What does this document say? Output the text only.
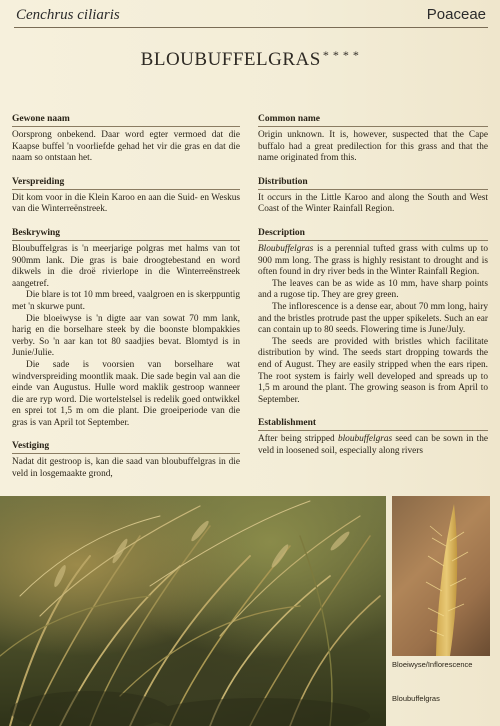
Cenchrus ciliaris	Poaceae
BLOUBUFFELGRAS * * * *
Gewone naam

Oorsprong onbekend. Daar word egter vermoed dat die Kaapse buffel 'n voorliefde gehad het vir die gras en dat die naam so ontstaan het.

Verspreiding

Dit kom voor in die Klein Karoo en aan die Suid- en Weskus van die Winterreënstreek.

Beskrywing

Bloubuffelgras is 'n meerjarige polgras met halms van tot 900mm lank. Die gras is baie droogtebestand en word dikwels in die droë rivierlope in die Winterreënstreek aangetref.

Die blare is tot 10 mm breed, vaalgroen en is skerppuntig met 'n skurwe punt.

Die bloeiwyse is 'n digte aar van sowat 70 mm lank, harig en die borselhare steek by die boonste blompakkies verby. So 'n aar kan tot 80 saadjies bevat. Blomtyd is in Junie/Julie.

Die sade is voorsien van borselhare wat windverspreiding moontlik maak. Die sade begin val aan die einde van Augustus. Hulle word maklik gestroop wanneer die are ryp word. Die wortelstelsel is redelik goed ontwikkel en sprei tot 1,5 m om die plant. Die groeiperiode van die gras is van April tot September.

Vestiging

Nadat dit gestroop is, kan die saad van bloubuffelgras in die veld in losgemaakte grond,

Common name

Origin unknown. It is, however, suspected that the Cape buffalo had a great predilection for this grass and that the name originated from this.

Distribution

It occurs in the Little Karoo and along the South and West Coast of the Winter Rainfall Region.

Description

Bloubuffelgras is a perennial tufted grass with culms up to 900 mm long. The grass is highly resistant to drought and is often found in dry river beds in the Winter Rainfall Region.

The leaves can be as wide as 10 mm, have sharp points and a rugose tip. They are grey green.

The inflorescence is a dense ear, about 70 mm long, hairy and the bristles protrude past the upper spikelets. Such an ear can contain up to 80 seeds. Flowering time is June/July.

The seeds are provided with bristles which facilitate distribution by wind. The seeds start dropping towards the end of August. They are easily stripped when the ears ripen. The root system is fairly well developed and spreads up to 1,5 m around the plant. The growing season is from April to September.

Establishment

After being stripped bloubuffelgras seed can be sown in the veld in loosened soil, especially along rivers

Bloeiwyse/Inflorescence
Bloubuffelgras
